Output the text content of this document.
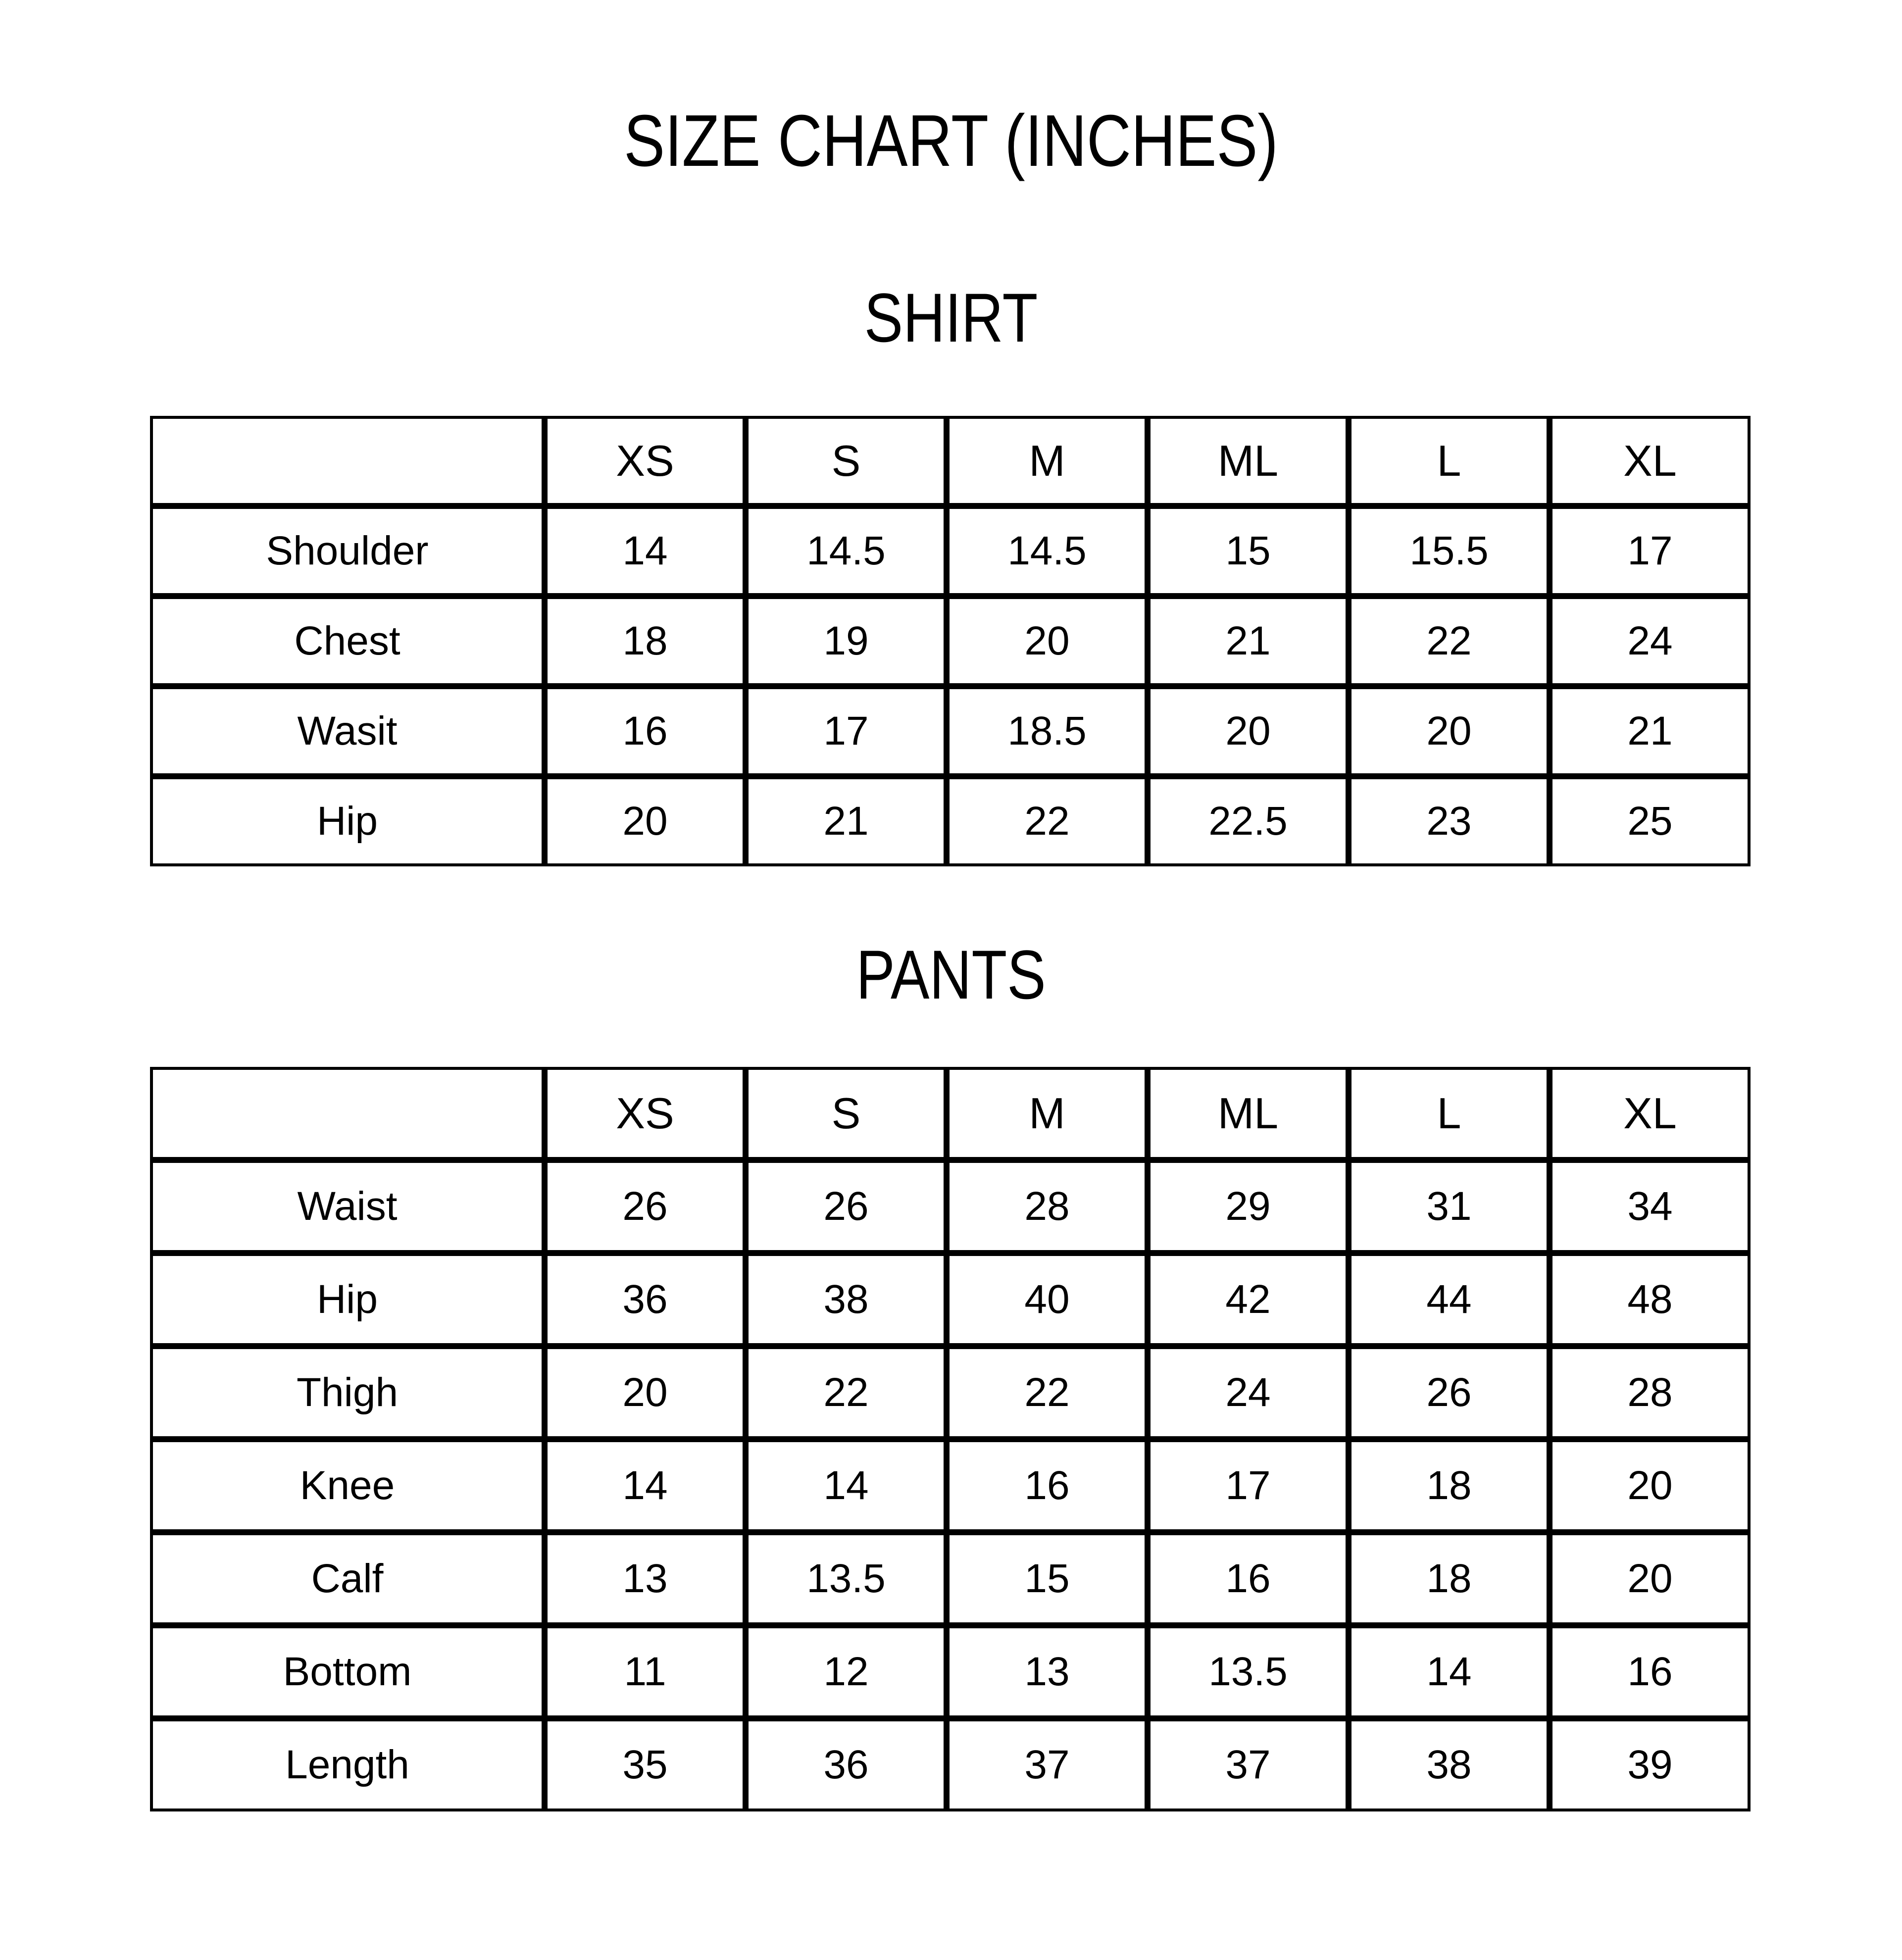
SIZE CHART (INCHES)
SHIRT
	XS	S	M	ML	L	XL
Shoulder	14	14.5	14.5	15	15.5	17
Chest	18	19	20	21	22	24
Wasit	16	17	18.5	20	20	21
Hip	20	21	22	22.5	23	25
PANTS
	XS	S	M	ML	L	XL
Waist	26	26	28	29	31	34
Hip	36	38	40	42	44	48
Thigh	20	22	22	24	26	28
Knee	14	14	16	17	18	20
Calf	13	13.5	15	16	18	20
Bottom	11	12	13	13.5	14	16
Length	35	36	37	37	38	39
